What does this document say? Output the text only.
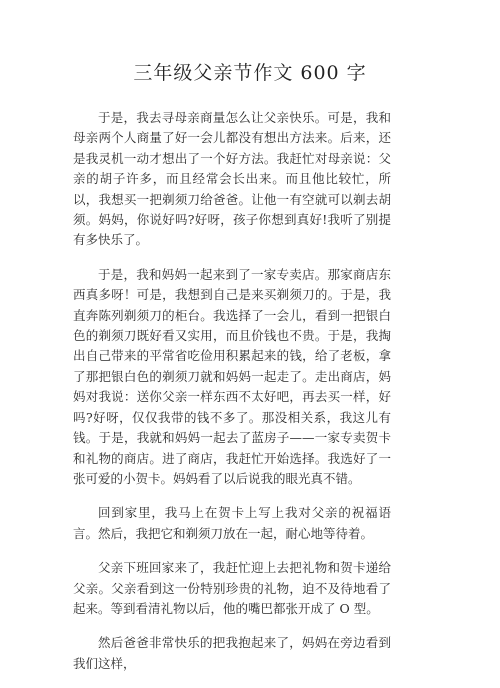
三年级父亲节作文 600 字

于是，我去寻母亲商量怎么让父亲快乐。可是，我和母亲两个人商量了好一会儿都没有想出方法来。后来，还是我灵机一动才想出了一个好方法。我赶忙对母亲说：父亲的胡子许多，而且经常会长出来。而且他比较忙，所以，我想买一把剃须刀给爸爸。让他一有空就可以剃去胡须。妈妈，你说好吗?好呀，孩子你想到真好!我听了别提有多快乐了。

于是，我和妈妈一起来到了一家专卖店。那家商店东西真多呀！可是，我想到自己是来买剃须刀的。于是，我直奔陈列剃须刀的柜台。我选择了一会儿，看到一把银白色的剃须刀既好看又实用，而且价钱也不贵。于是，我掏出自己带来的平常省吃俭用积累起来的钱，给了老板，拿了那把银白色的剃须刀就和妈妈一起走了。走出商店，妈妈对我说：送你父亲一样东西不太好吧，再去买一样，好吗?好呀，仅仅我带的钱不多了。那没相关系，我这儿有钱。于是，我就和妈妈一起去了蓝房子——一家专卖贺卡和礼物的商店。进了商店，我赶忙开始选择。我选好了一张可爱的小贺卡。妈妈看了以后说我的眼光真不错。

回到家里，我马上在贺卡上写上我对父亲的祝福语言。然后，我把它和剃须刀放在一起，耐心地等待着。

父亲下班回家来了，我赶忙迎上去把礼物和贺卡递给父亲。父亲看到这一份特别珍贵的礼物，迫不及待地看了起来。等到看清礼物以后，他的嘴巴都张开成了 O 型。

然后爸爸非常快乐的把我抱起来了，妈妈在旁边看到我们这样，
